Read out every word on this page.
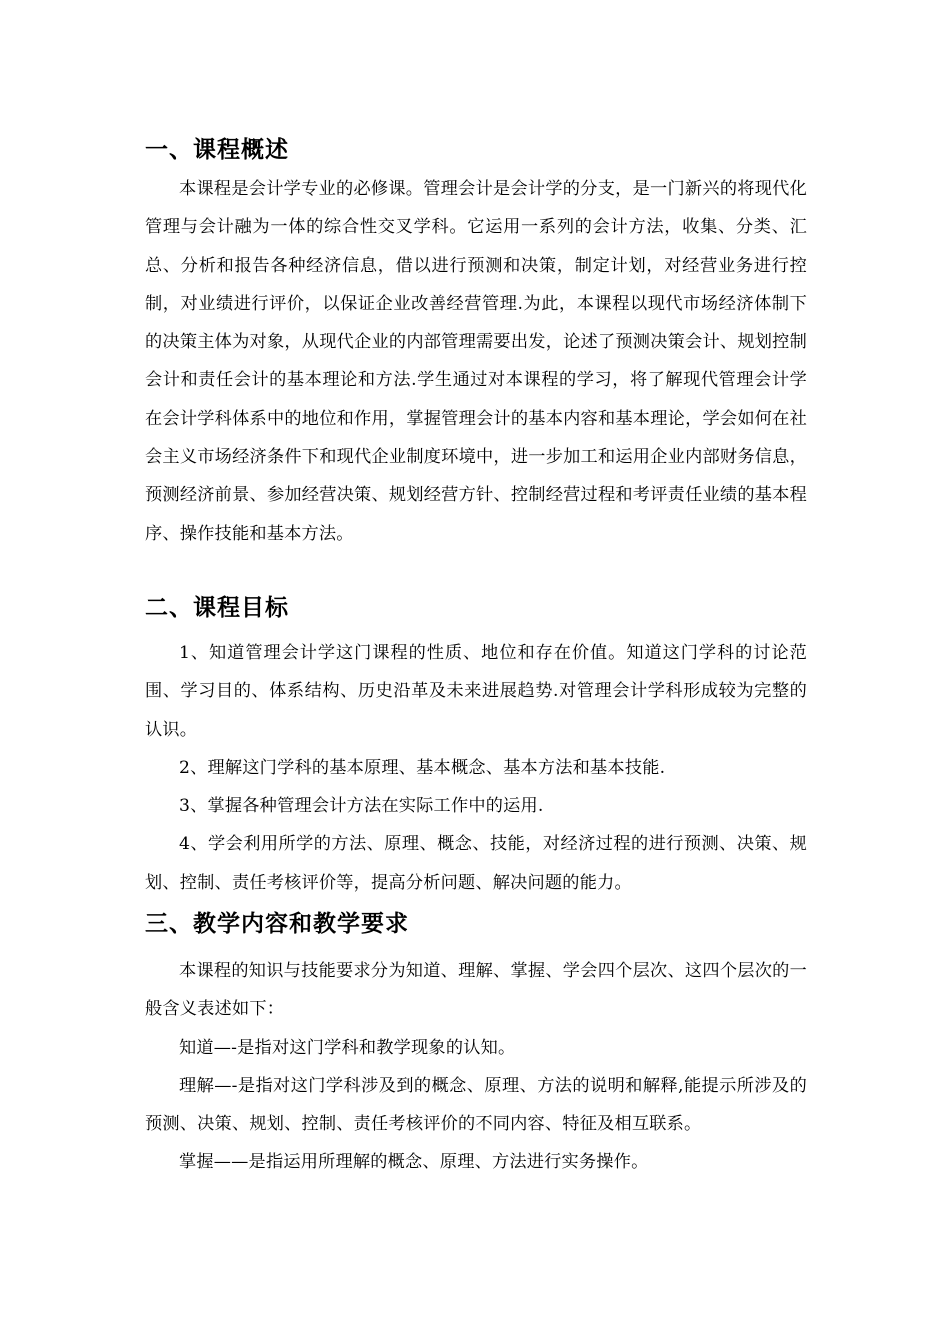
一、课程概述

本课程是会计学专业的必修课。管理会计是会计学的分支，是一门新兴的将现代化管理与会计融为一体的综合性交叉学科。它运用一系列的会计方法，收集、分类、汇总、分析和报告各种经济信息，借以进行预测和决策，制定计划，对经营业务进行控制，对业绩进行评价，以保证企业改善经营管理.为此，本课程以现代市场经济体制下的决策主体为对象，从现代企业的内部管理需要出发，论述了预测决策会计、规划控制会计和责任会计的基本理论和方法.学生通过对本课程的学习，将了解现代管理会计学在会计学科体系中的地位和作用，掌握管理会计的基本内容和基本理论，学会如何在社会主义市场经济条件下和现代企业制度环境中，进一步加工和运用企业内部财务信息，预测经济前景、参加经营决策、规划经营方针、控制经营过程和考评责任业绩的基本程序、操作技能和基本方法。

二、课程目标

1、知道管理会计学这门课程的性质、地位和存在价值。知道这门学科的讨论范围、学习目的、体系结构、历史沿革及未来进展趋势.对管理会计学科形成较为完整的认识。

2、理解这门学科的基本原理、基本概念、基本方法和基本技能.

3、掌握各种管理会计方法在实际工作中的运用.

4、学会利用所学的方法、原理、概念、技能，对经济过程的进行预测、决策、规划、控制、责任考核评价等，提高分析问题、解决问题的能力。

三、教学内容和教学要求

本课程的知识与技能要求分为知道、理解、掌握、学会四个层次、这四个层次的一般含义表述如下：

知道—-是指对这门学科和教学现象的认知。

理解—-是指对这门学科涉及到的概念、原理、方法的说明和解释,能提示所涉及的预测、决策、规划、控制、责任考核评价的不同内容、特征及相互联系。

掌握——是指运用所理解的概念、原理、方法进行实务操作。
